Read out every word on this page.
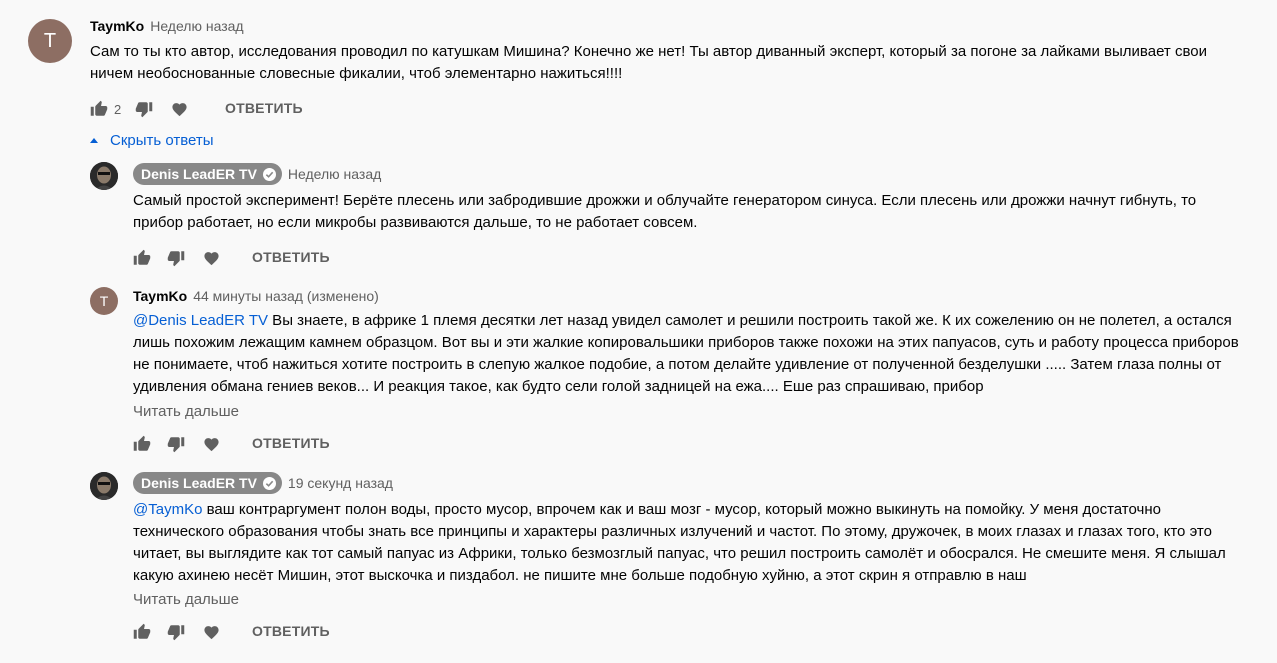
T
TaymKo Неделю назад
Сам то ты кто автор, исследования проводил по катушкам Мишина? Конечно же нет! Ты автор диванный эксперт, который за погоне за лайками выливает свои ничем необоснованные словесные фикалии, чтоб элементарно нажиться!!!!
2	ОТВЕТИТЬ
Скрыть ответы
Denis LeadER TV Неделю назад
Самый простой эксперимент! Берёте плесень или забродившие дрожжи и облучайте генератором синуса. Если плесень или дрожжи начнут гибнуть, то прибор работает, но если микробы развиваются дальше, то не работает совсем.
ОТВЕТИТЬ
T TaymKo 44 минуты назад (изменено)
@Denis LeadER TV Вы знаете, в африке 1 племя десятки лет назад увидел самолет и решили построить такой же. К их сожелению он не полетел, а остался лишь похожим лежащим камнем образцом. Вот вы и эти жалкие копировальшики приборов также похожи на этих папуасов, суть и работу процесса приборов не понимаете, чтоб нажиться хотите построить в слепую жалкое подобие, а потом делайте удивление от полученной безделушки ..... Затем глаза полны от удивления обмана гениев веков... И реакция такое, как будто сели голой задницей на ежа.... Еше раз спрашиваю, прибор
Читать дальше
ОТВЕТИТЬ
Denis LeadER TV 19 секунд назад
@TaymKo ваш контраргумент полон воды, просто мусор, впрочем как и ваш мозг - мусор, который можно выкинуть на помойку. У меня достаточно технического образования чтобы знать все принципы и характеры различных излучений и частот. По этому, дружочек, в моих глазах и глазах того, кто это читает, вы выглядите как тот самый папуас из Африки, только безмозглый папуас, что решил построить самолёт и обосрался. Не смешите меня. Я слышал какую ахинею несёт Мишин, этот выскочка и пиздабол. не пишите мне больше подобную хуйню, а этот скрин я отправлю в наш
Читать дальше
ОТВЕТИТЬ
